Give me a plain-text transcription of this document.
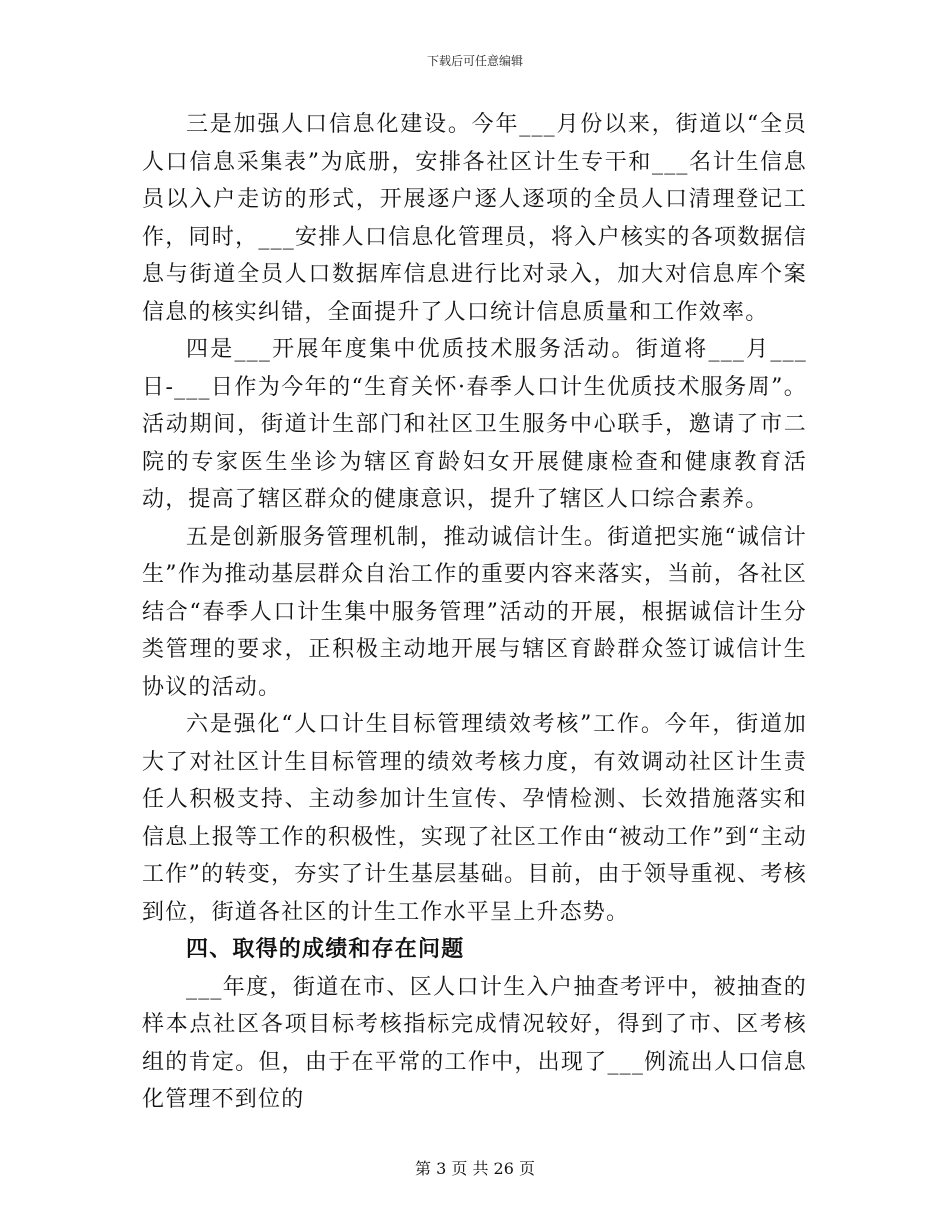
下载后可任意编辑

三是加强人口信息化建设。今年___月份以来，街道以“全员人口信息采集表”为底册，安排各社区计生专干和___名计生信息员以入户走访的形式，开展逐户逐人逐项的全员人口清理登记工作，同时，___安排人口信息化管理员，将入户核实的各项数据信息与街道全员人口数据库信息进行比对录入，加大对信息库个案信息的核实纠错，全面提升了人口统计信息质量和工作效率。

四是___开展年度集中优质技术服务活动。街道将___月___日-___日作为今年的“生育关怀·春季人口计生优质技术服务周”。活动期间，街道计生部门和社区卫生服务中心联手，邀请了市二院的专家医生坐诊为辖区育龄妇女开展健康检查和健康教育活动，提高了辖区群众的健康意识，提升了辖区人口综合素养。

五是创新服务管理机制，推动诚信计生。街道把实施“诚信计生”作为推动基层群众自治工作的重要内容来落实，当前，各社区结合“春季人口计生集中服务管理”活动的开展，根据诚信计生分类管理的要求，正积极主动地开展与辖区育龄群众签订诚信计生协议的活动。

六是强化“人口计生目标管理绩效考核”工作。今年，街道加大了对社区计生目标管理的绩效考核力度，有效调动社区计生责任人积极支持、主动参加计生宣传、孕情检测、长效措施落实和信息上报等工作的积极性，实现了社区工作由“被动工作”到“主动工作”的转变，夯实了计生基层基础。目前，由于领导重视、考核到位，街道各社区的计生工作水平呈上升态势。

四、取得的成绩和存在问题

___年度，街道在市、区人口计生入户抽查考评中，被抽查的样本点社区各项目标考核指标完成情况较好，得到了市、区考核组的肯定。但，由于在平常的工作中，出现了___例流出人口信息化管理不到位的

第 3 页 共 26 页
